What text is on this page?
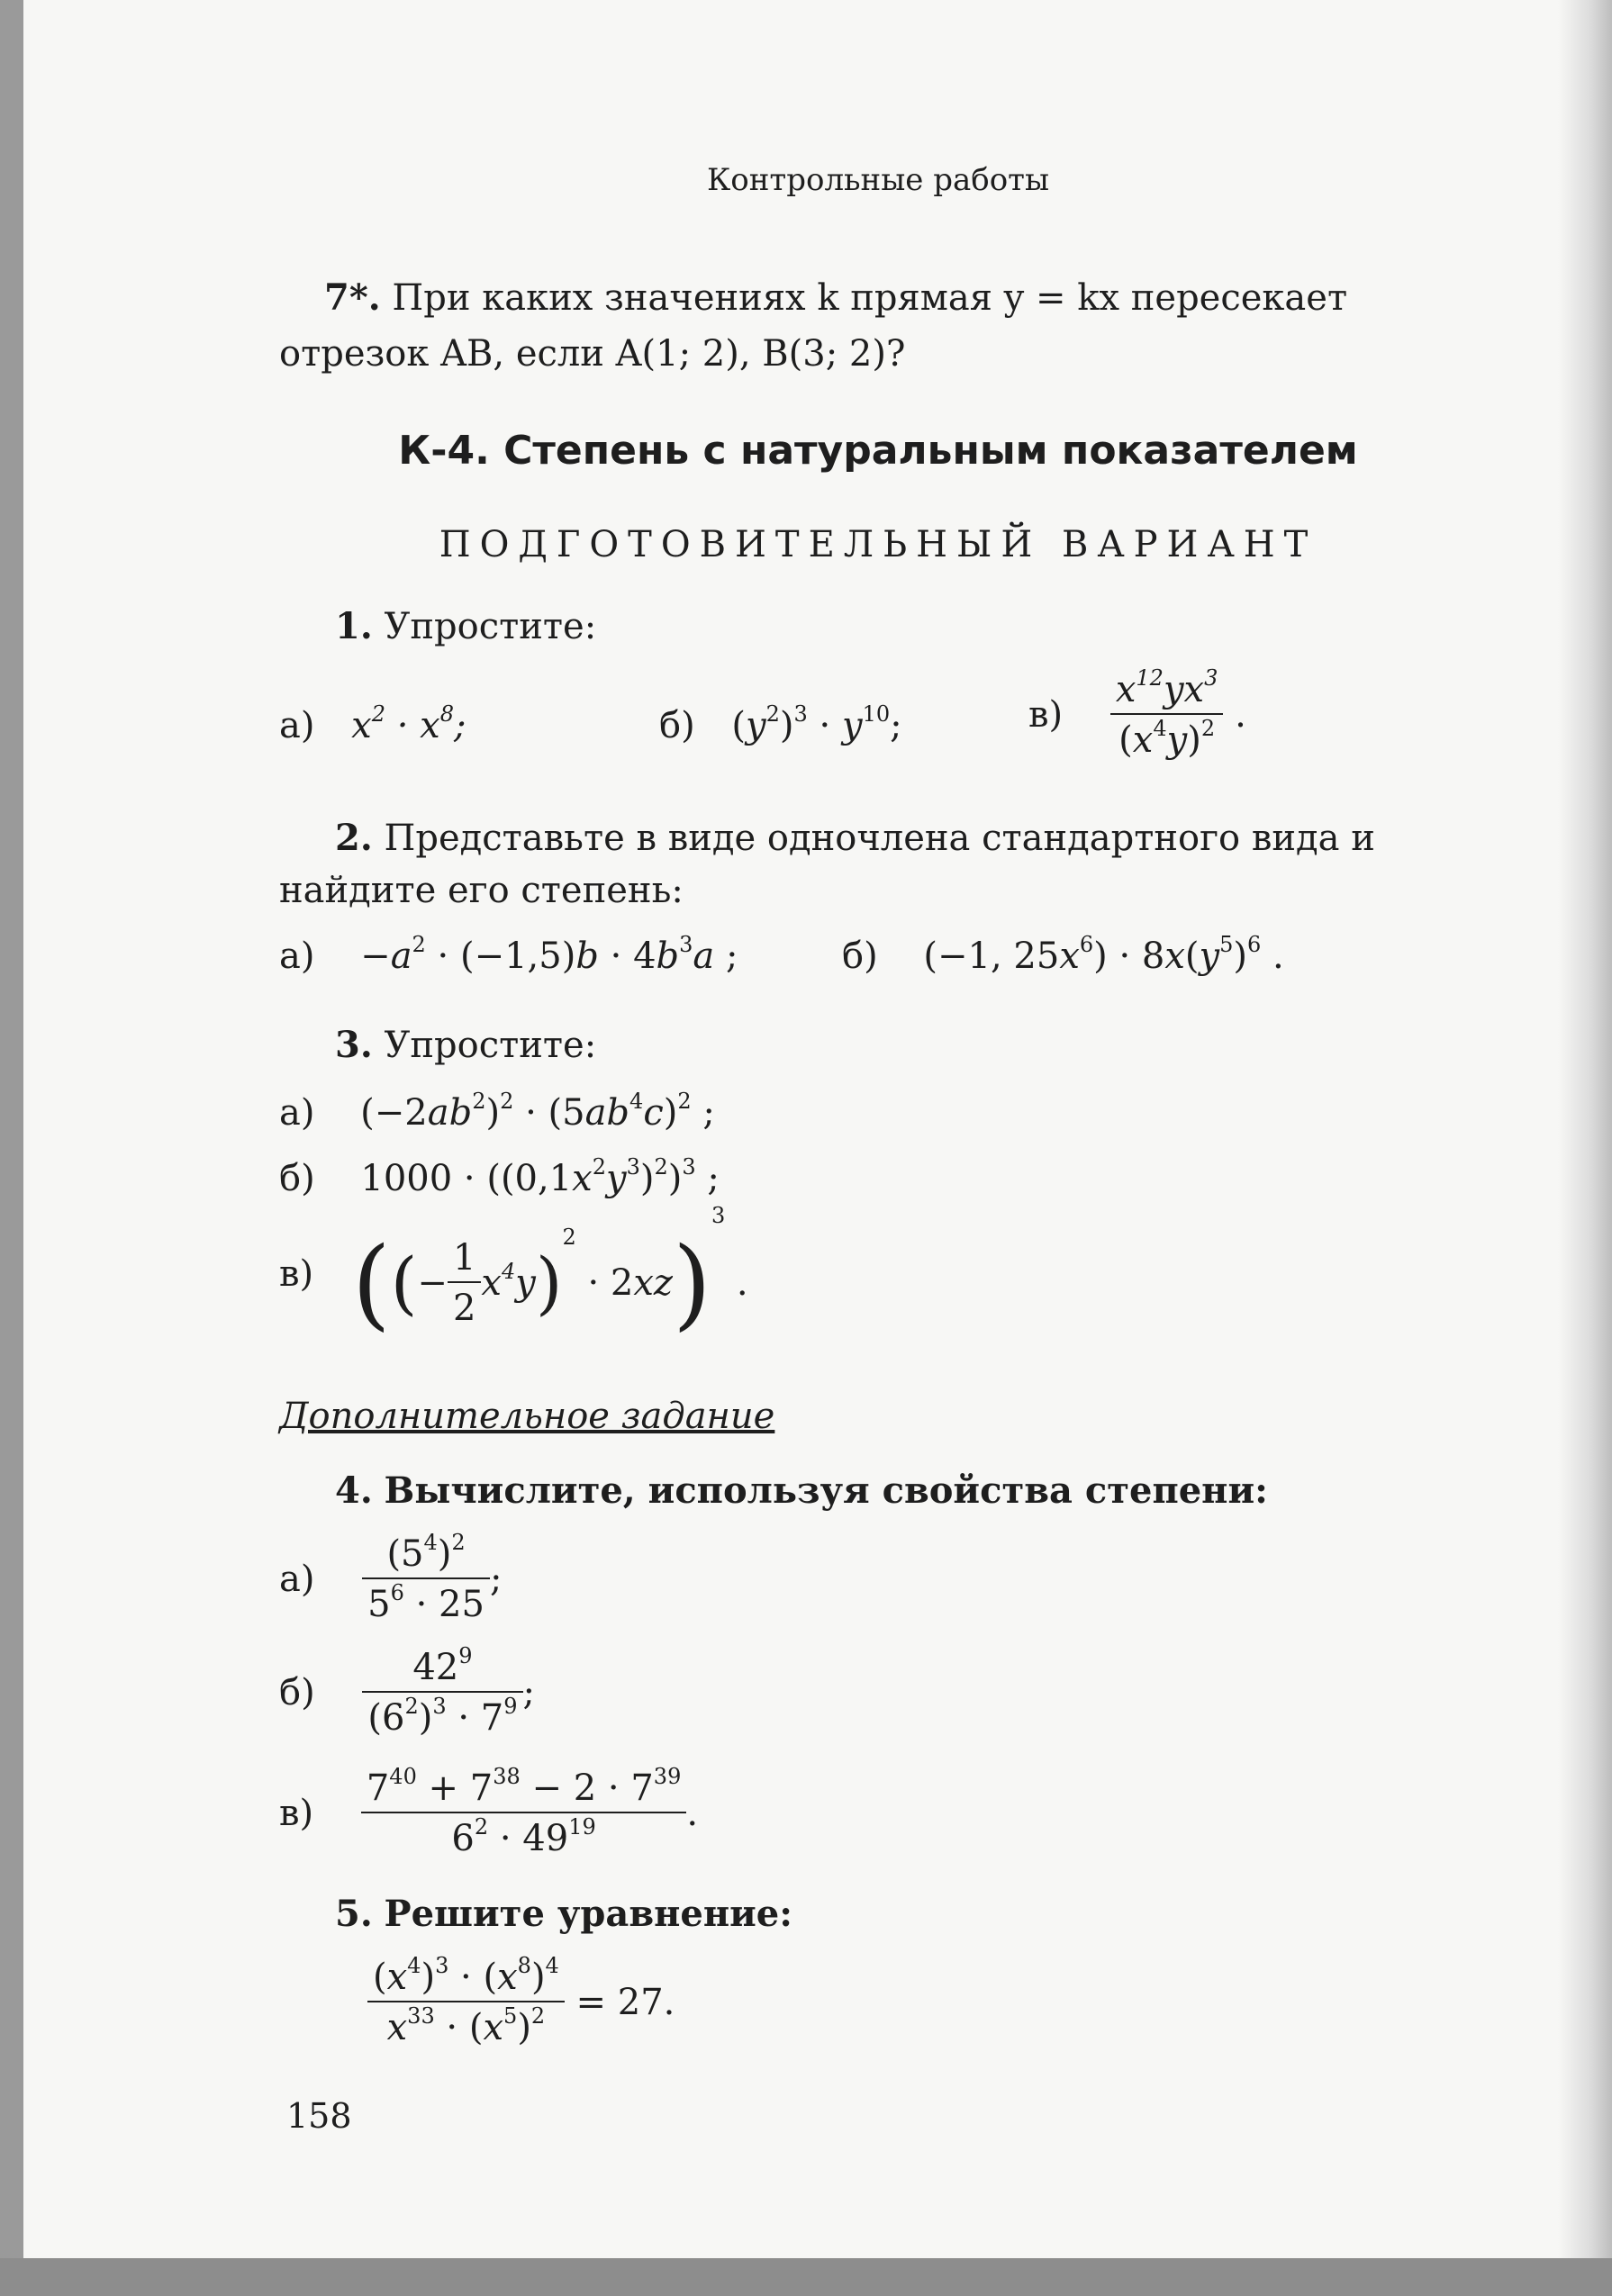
Контрольные работы
7*. При каких значениях k прямая y = kx пересекает
отрезок AB, если A(1; 2), B(3; 2)?
К-4. Степень с натуральным показателем
ПОДГОТОВИТЕЛЬНЫЙ ВАРИАНТ
1. Упростите:
а) $x^2 \cdot x^8$;	б) $(y^2)^3 \cdot y^{10}$;	$в) \frac{x^{12}yx^3}{(x^4y)^2}$ .
2. Представьте в виде одночлена стандартного вида и
найдите его степень:
$а) -a^2 \cdot (-1,5)b \cdot 4b^3a$ ;	б) (−1, $25x^6) \cdot 8x(y^5)^6$ .
3. Упростите:
а) $(-2ab^2)^2 \cdot (5ab^4c)^2$ ;
б) $1000 \cdot ((0,1x^2y^3)^2)^3$ ;
в) ((− $\frac{1}{2} x^4y)^2 \cdot 2xz)^3$ .
Дополнительное задание
4. Вычислите, используя свойства степени:
$а) \frac{(5^4)^2}{5^6 \cdot 25}$ ;
$б) \frac{42^9}{(6^2)^3 \cdot 7^9}$ ;
$в) \frac{7^{40} + 7^{38} - 2 \cdot 7^{39}}{6^2 \cdot 49^{19}}$ .
5. Решите уравнение:
$\frac{(x^4)^3 \cdot (x^8)^4}{x^{33} \cdot (x^5)^2} = 27$.
158
